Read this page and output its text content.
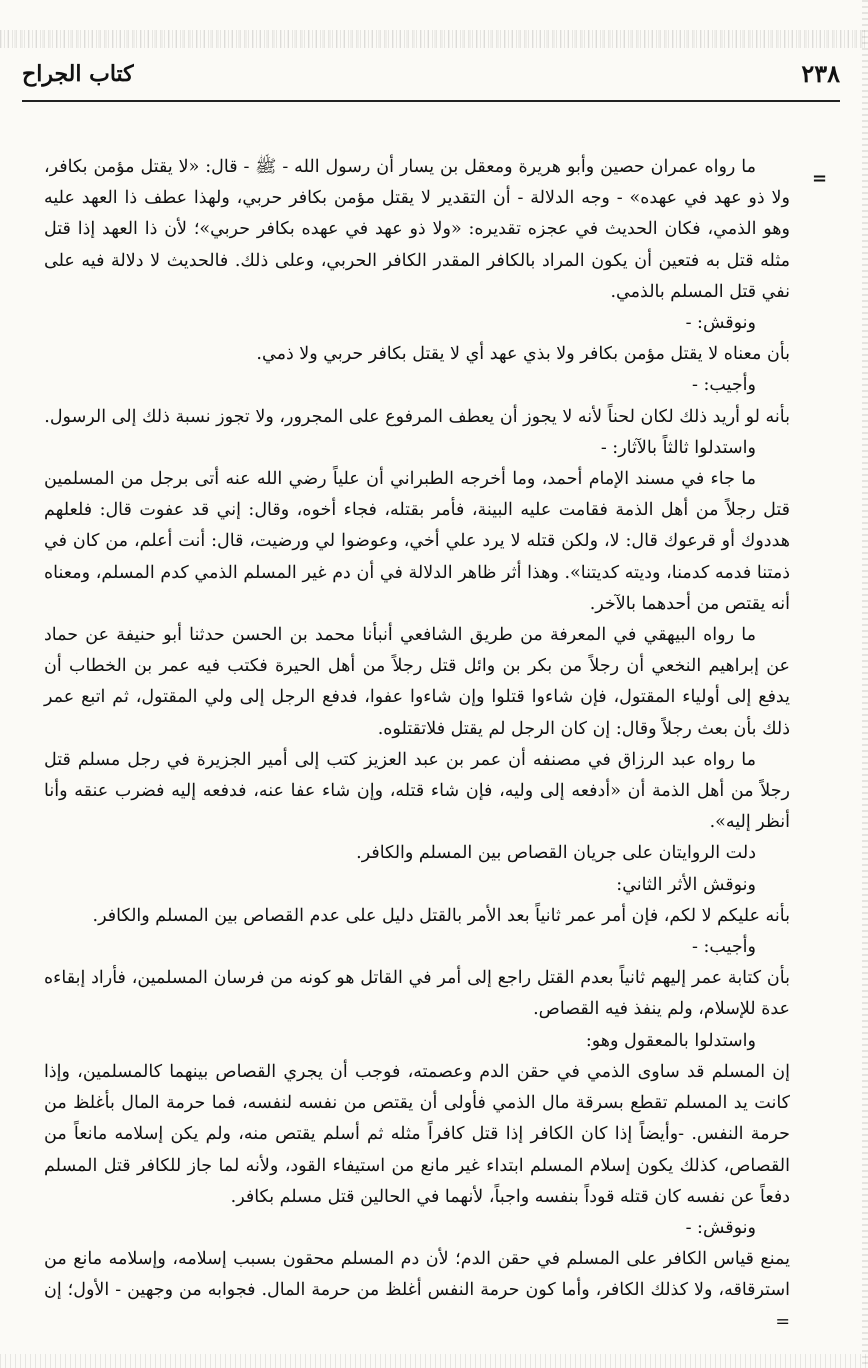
٢٣٨
كتاب الجراح
=

ما رواه عمران حصين وأبو هريرة ومعقل بن يسار أن رسول الله - ﷺ - قال: «لا يقتل مؤمن بكافر، ولا ذو عهد في عهده» - وجه الدلالة - أن التقدير لا يقتل مؤمن بكافر حربي، ولهذا عطف ذا العهد عليه وهو الذمي، فكان الحديث في عجزه تقديره: «ولا ذو عهد في عهده بكافر حربي»؛ لأن ذا العهد إذا قتل مثله قتل به فتعين أن يكون المراد بالكافر المقدر الكافر الحربي، وعلى ذلك. فالحديث لا دلالة فيه على نفي قتل المسلم بالذمي.

ونوقش: -

بأن معناه لا يقتل مؤمن بكافر ولا بذي عهد أي لا يقتل بكافر حربي ولا ذمي.

وأجيب: -

بأنه لو أريد ذلك لكان لحناً لأنه لا يجوز أن يعطف المرفوع على المجرور، ولا تجوز نسبة ذلك إلى الرسول.

واستدلوا ثالثاً بالآثار: -

ما جاء في مسند الإمام أحمد، وما أخرجه الطبراني أن علياً رضي الله عنه أتى برجل من المسلمين قتل رجلاً من أهل الذمة فقامت عليه البينة، فأمر بقتله، فجاء أخوه، وقال: إني قد عفوت قال: فلعلهم هددوك أو قرعوك قال: لا، ولكن قتله لا يرد علي أخي، وعوضوا لي ورضيت، قال: أنت أعلم، من كان في ذمتنا فدمه كدمنا، وديته كديتنا». وهذا أثر ظاهر الدلالة في أن دم غير المسلم الذمي كدم المسلم، ومعناه أنه يقتص من أحدهما بالآخر.

ما رواه البيهقي في المعرفة من طريق الشافعي أنبأنا محمد بن الحسن حدثنا أبو حنيفة عن حماد عن إبراهيم النخعي أن رجلاً من بكر بن وائل قتل رجلاً من أهل الحيرة فكتب فيه عمر بن الخطاب أن يدفع إلى أولياء المقتول، فإن شاءوا قتلوا وإن شاءوا عفوا، فدفع الرجل إلى ولي المقتول، ثم اتبع عمر ذلك بأن بعث رجلاً وقال: إن كان الرجل لم يقتل فلاتقتلوه.

ما رواه عبد الرزاق في مصنفه أن عمر بن عبد العزيز كتب إلى أمير الجزيرة في رجل مسلم قتل رجلاً من أهل الذمة أن «أدفعه إلى وليه، فإن شاء قتله، وإن شاء عفا عنه، فدفعه إليه فضرب عنقه وأنا أنظر إليه».

دلت الروايتان على جريان القصاص بين المسلم والكافر.

ونوقش الأثر الثاني:

بأنه عليكم لا لكم، فإن أمر عمر ثانياً بعد الأمر بالقتل دليل على عدم القصاص بين المسلم والكافر.

وأجيب: -

بأن كتابة عمر إليهم ثانياً بعدم القتل راجع إلى أمر في القاتل هو كونه من فرسان المسلمين، فأراد إبقاءه عدة للإسلام، ولم ينفذ فيه القصاص.

واستدلوا بالمعقول وهو:

إن المسلم قد ساوى الذمي في حقن الدم وعصمته، فوجب أن يجري القصاص بينهما كالمسلمين، وإذا كانت يد المسلم تقطع بسرقة مال الذمي فأولى أن يقتص من نفسه لنفسه، فما حرمة المال بأغلظ من حرمة النفس. -وأيضاً إذا كان الكافر إذا قتل كافراً مثله ثم أسلم يقتص منه، ولم يكن إسلامه مانعاً من القصاص، كذلك يكون إسلام المسلم ابتداء غير مانع من استيفاء القود، ولأنه لما جاز للكافر قتل المسلم دفعاً عن نفسه كان قتله قوداً بنفسه واجباً، لأنهما في الحالين قتل مسلم بكافر.

ونوقش: -

يمنع قياس الكافر على المسلم في حقن الدم؛ لأن دم المسلم محقون بسبب إسلامه، وإسلامه مانع من استرقاقه، ولا كذلك الكافر، وأما كون حرمة النفس أغلظ من حرمة المال. فجوابه من وجهين - الأول؛ إن =
